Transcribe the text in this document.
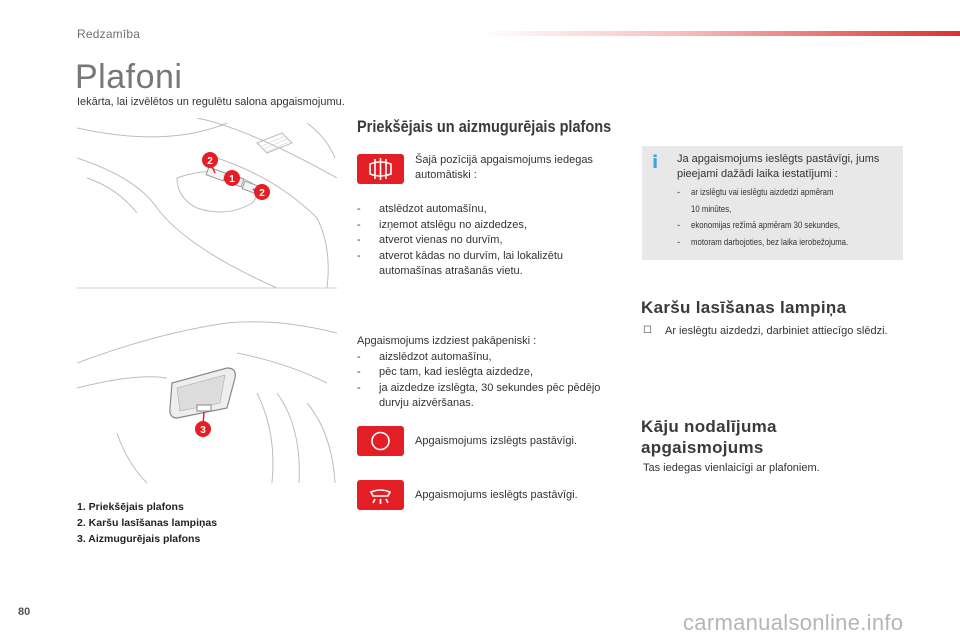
Redzamība
Plafoni
Iekārta, lai izvēlētos un regulētu salona apgaismojumu.
2
1
2
3
1. Priekšējais plafons
2. Karšu lasīšanas lampiņas
3. Aizmugurējais plafons
Priekšējais un aizmugurējais plafons
Šajā pozīcijā apgaismojums iedegas automātiski :
-	atslēdzot automašīnu,
-	izņemot atslēgu no aizdedzes,
-	atverot vienas no durvīm,
-	atverot kādas no durvīm, lai lokalizētu automašīnas atrašanās vietu.
Apgaismojums izdziest pakāpeniski :
-	aizslēdzot automašīnu,
-	pēc tam, kad ieslēgta aizdedze,
-	ja aizdedze izslēgta, 30 sekundes pēc pēdējo durvju aizvēršanas.
Apgaismojums izslēgts pastāvīgi.
Apgaismojums ieslēgts pastāvīgi.
i Ja apgaismojums ieslēgts pastāvīgi, jums pieejami dažādi laika iestatījumi :
-	ar izslēgtu vai ieslēgtu aizdedzi apmēram
10 minūtes,
-	ekonomijas režīmā apmēram 30 sekundes,
-	motoram darbojoties, bez laika ierobežojuma.
Karšu lasīšanas lampiņa
☐	Ar ieslēgtu aizdedzi, darbiniet attiecīgo slēdzi.
Kāju nodalījuma apgaismojums
Tas iedegas vienlaicīgi ar plafoniem.
80	carmanualsonline.info
